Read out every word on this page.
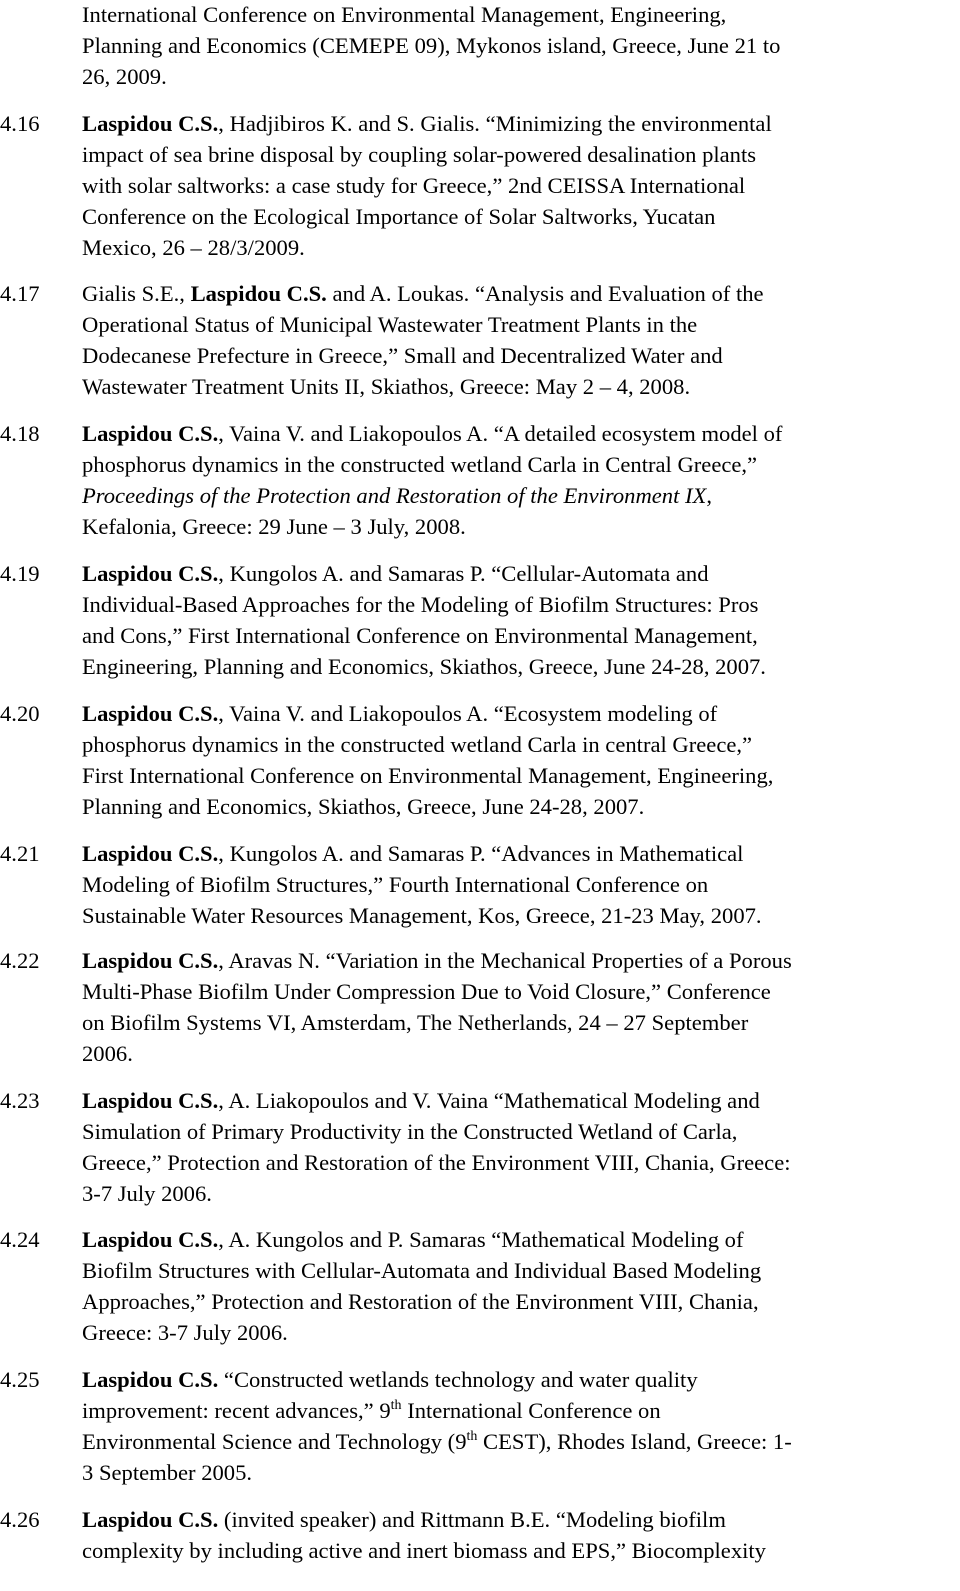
International Conference on Environmental Management, Engineering,
Planning and Economics (CEMEPE 09), Mykonos island, Greece, June 21 to
26, 2009.
4.16	Laspidou C.S., Hadjibiros K. and S. Gialis. “Minimizing the environmental
impact of sea brine disposal by coupling solar-powered desalination plants
with solar saltworks: a case study for Greece,” 2nd CEISSA International
Conference on the Ecological Importance of Solar Saltworks, Yucatan
Mexico, 26 – 28/3/2009.
4.17	Gialis S.E., Laspidou C.S. and A. Loukas. “Analysis and Evaluation of the
Operational Status of Municipal Wastewater Treatment Plants in the
Dodecanese Prefecture in Greece,” Small and Decentralized Water and
Wastewater Treatment Units II, Skiathos, Greece: May 2 – 4, 2008.
4.18	Laspidou C.S., Vaina V. and Liakopoulos A. “A detailed ecosystem model of
phosphorus dynamics in the constructed wetland Carla in Central Greece,”
Proceedings of the Protection and Restoration of the Environment IX,
Kefalonia, Greece: 29 June – 3 July, 2008.
4.19	Laspidou C.S., Kungolos A. and Samaras P. “Cellular-Automata and
Individual-Based Approaches for the Modeling of Biofilm Structures: Pros
and Cons,” First International Conference on Environmental Management,
Engineering, Planning and Economics, Skiathos, Greece, June 24-28, 2007.
4.20	Laspidou C.S., Vaina V. and Liakopoulos A. “Ecosystem modeling of
phosphorus dynamics in the constructed wetland Carla in central Greece,”
First International Conference on Environmental Management, Engineering,
Planning and Economics, Skiathos, Greece, June 24-28, 2007.
4.21	Laspidou C.S., Kungolos A. and Samaras P. “Advances in Mathematical
Modeling of Biofilm Structures,” Fourth International Conference on
Sustainable Water Resources Management, Kos, Greece, 21-23 May, 2007.
4.22	Laspidou C.S., Aravas N. “Variation in the Mechanical Properties of a Porous
Multi-Phase Biofilm Under Compression Due to Void Closure,” Conference
on Biofilm Systems VI, Amsterdam, The Netherlands, 24 – 27 September
2006.
4.23	Laspidou C.S., A. Liakopoulos and V. Vaina “Mathematical Modeling and
Simulation of Primary Productivity in the Constructed Wetland of Carla,
Greece,” Protection and Restoration of the Environment VIII, Chania, Greece:
3-7 July 2006.
4.24	Laspidou C.S., A. Kungolos and P. Samaras “Mathematical Modeling of
Biofilm Structures with Cellular-Automata and Individual Based Modeling
Approaches,” Protection and Restoration of the Environment VIII, Chania,
Greece: 3-7 July 2006.
4.25	Laspidou C.S. “Constructed wetlands technology and water quality
improvement: recent advances,” 9th International Conference on
Environmental Science and Technology (9th CEST), Rhodes Island, Greece: 1-
3 September 2005.
4.26	Laspidou C.S. (invited speaker) and Rittmann B.E. “Modeling biofilm
complexity by including active and inert biomass and EPS,” Biocomplexity
